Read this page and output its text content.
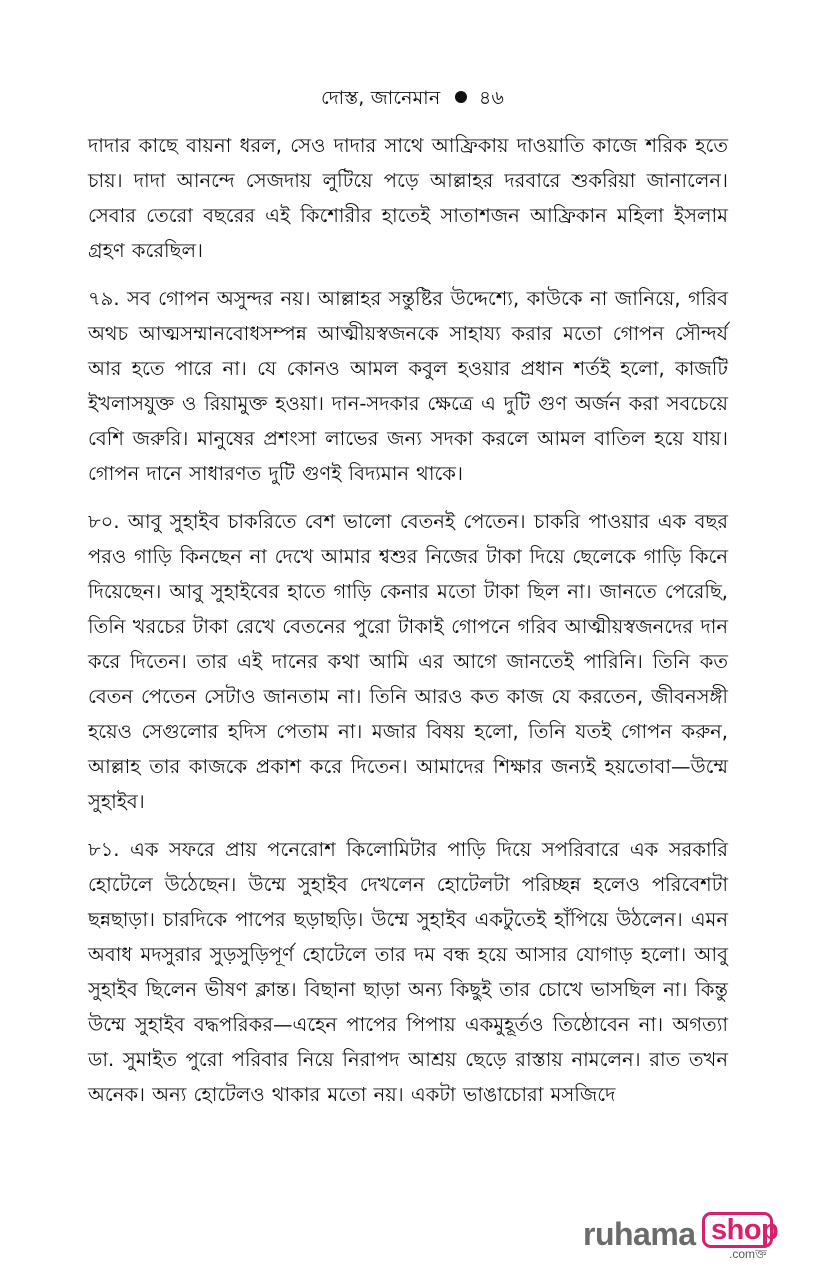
দোস্ত, জানেমান ৪৬

দাদার কাছে বায়না ধরল, সেও দাদার সাথে আফ্রিকায় দাওয়াতি কাজে শরিক হতে চায়। দাদা আনন্দে সেজদায় লুটিয়ে পড়ে আল্লাহর দরবারে শুকরিয়া জানালেন। সেবার তেরো বছরের এই কিশোরীর হাতেই সাতাশজন আফ্রিকান মহিলা ইসলাম গ্রহণ করেছিল।

৭৯. সব গোপন অসুন্দর নয়। আল্লাহর সন্তুষ্টির উদ্দেশ্যে, কাউকে না জানিয়ে, গরিব অথচ আত্মসম্মানবোধসম্পন্ন আত্মীয়স্বজনকে সাহায্য করার মতো গোপন সৌন্দর্য আর হতে পারে না। যে কোনও আমল কবুল হওয়ার প্রধান শর্তই হলো, কাজটি ইখলাসযুক্ত ও রিয়ামুক্ত হওয়া। দান-সদকার ক্ষেত্রে এ দুটি গুণ অর্জন করা সবচেয়ে বেশি জরুরি। মানুষের প্রশংসা লাভের জন্য সদকা করলে আমল বাতিল হয়ে যায়। গোপন দানে সাধারণত দুটি গুণই বিদ্যমান থাকে।

৮০. আবু সুহাইব চাকরিতে বেশ ভালো বেতনই পেতেন। চাকরি পাওয়ার এক বছর পরও গাড়ি কিনছেন না দেখে আমার শ্বশুর নিজের টাকা দিয়ে ছেলেকে গাড়ি কিনে দিয়েছেন। আবু সুহাইবের হাতে গাড়ি কেনার মতো টাকা ছিল না। জানতে পেরেছি, তিনি খরচের টাকা রেখে বেতনের পুরো টাকাই গোপনে গরিব আত্মীয়স্বজনদের দান করে দিতেন। তার এই দানের কথা আমি এর আগে জানতেই পারিনি। তিনি কত বেতন পেতেন সেটাও জানতাম না। তিনি আরও কত কাজ যে করতেন, জীবনসঙ্গী হয়েও সেগুলোর হদিস পেতাম না। মজার বিষয় হলো, তিনি যতই গোপন করুন, আল্লাহ তার কাজকে প্রকাশ করে দিতেন। আমাদের শিক্ষার জন্যই হয়তোবা—উম্মে সুহাইব।

৮১. এক সফরে প্রায় পনেরোশ কিলোমিটার পাড়ি দিয়ে সপরিবারে এক সরকারি হোটেলে উঠেছেন। উম্মে সুহাইব দেখলেন হোটেলটা পরিচ্ছন্ন হলেও পরিবেশটা ছন্নছাড়া। চারদিকে পাপের ছড়াছড়ি। উম্মে সুহাইব একটুতেই হাঁপিয়ে উঠলেন। এমন অবাধ মদসুরার সুড়সুড়িপূর্ণ হোটেলে তার দম বন্ধ হয়ে আসার যোগাড় হলো। আবু সুহাইব ছিলেন ভীষণ ক্লান্ত। বিছানা ছাড়া অন্য কিছুই তার চোখে ভাসছিল না। কিন্তু উম্মে সুহাইব বদ্ধপরিকর—এহেন পাপের পিপায় একমুহূর্তও তিষ্ঠোবেন না। অগত্যা ডা. সুমাইত পুরো পরিবার নিয়ে নিরাপদ আশ্রয় ছেড়ে রাস্তায় নামলেন। রাত তখন অনেক। অন্য হোটেলও থাকার মতো নয়। একটা ভাঙাচোরা মসজিদে

ruhama shop
.comক্ত
